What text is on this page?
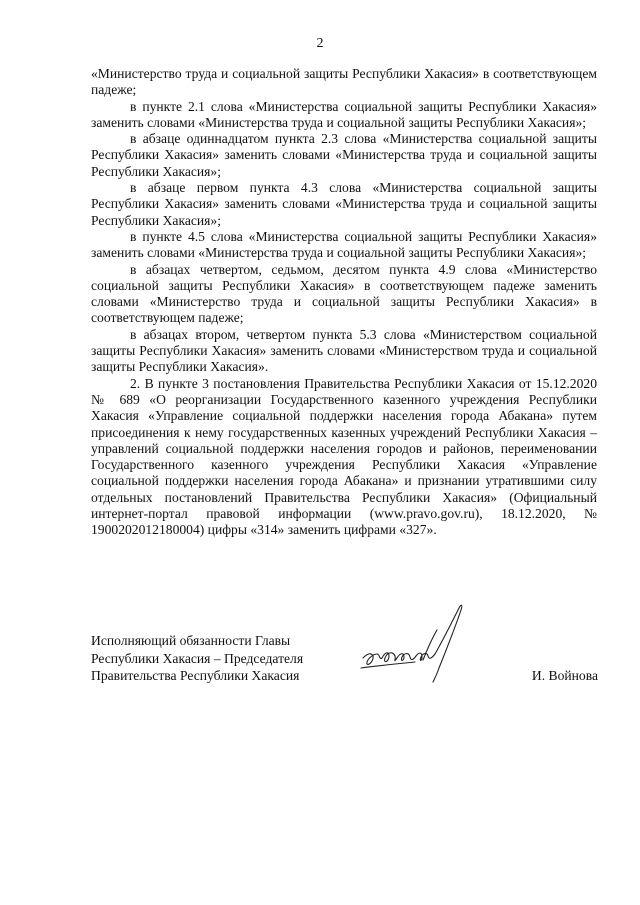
2

«Министерство труда и социальной защиты Республики Хакасия» в соответствующем падеже;

в пункте 2.1 слова «Министерства социальной защиты Республики Хакасия» заменить словами «Министерства труда и социальной защиты Республики Хакасия»;

в абзаце одиннадцатом пункта 2.3 слова «Министерства социальной защиты Республики Хакасия» заменить словами «Министерства труда и социальной защиты Республики Хакасия»;

в абзаце первом пункта 4.3 слова «Министерства социальной защиты Республики Хакасия» заменить словами «Министерства труда и социальной защиты Республики Хакасия»;

в пункте 4.5 слова «Министерства социальной защиты Республики Хакасия» заменить словами «Министерства труда и социальной защиты Республики Хакасия»;

в абзацах четвертом, седьмом, десятом пункта 4.9 слова «Министерство социальной защиты Республики Хакасия» в соответствующем падеже заменить словами «Министерство труда и социальной защиты Республики Хакасия» в соответствующем падеже;

в абзацах втором, четвертом пункта 5.3 слова «Министерством социальной защиты Республики Хакасия» заменить словами «Министерством труда и социальной защиты Республики Хакасия».

2. В пункте 3 постановления Правительства Республики Хакасия от 15.12.2020 № 689 «О реорганизации Государственного казенного учреждения Республики Хакасия «Управление социальной поддержки населения города Абакана» путем присоединения к нему государственных казенных учреждений Республики Хакасия – управлений социальной поддержки населения городов и районов, переименовании Государственного казенного учреждения Республики Хакасия «Управление социальной поддержки населения города Абакана» и признании утратившими силу отдельных постановлений Правительства Республики Хакасия» (Официальный интернет-портал правовой информации (www.pravo.gov.ru), 18.12.2020, № 1900202012180004) цифры «314» заменить цифрами «327».

Исполняющий обязанности Главы
Республики Хакасия – Председателя
Правительства Республики Хакасия	И. Войнова
